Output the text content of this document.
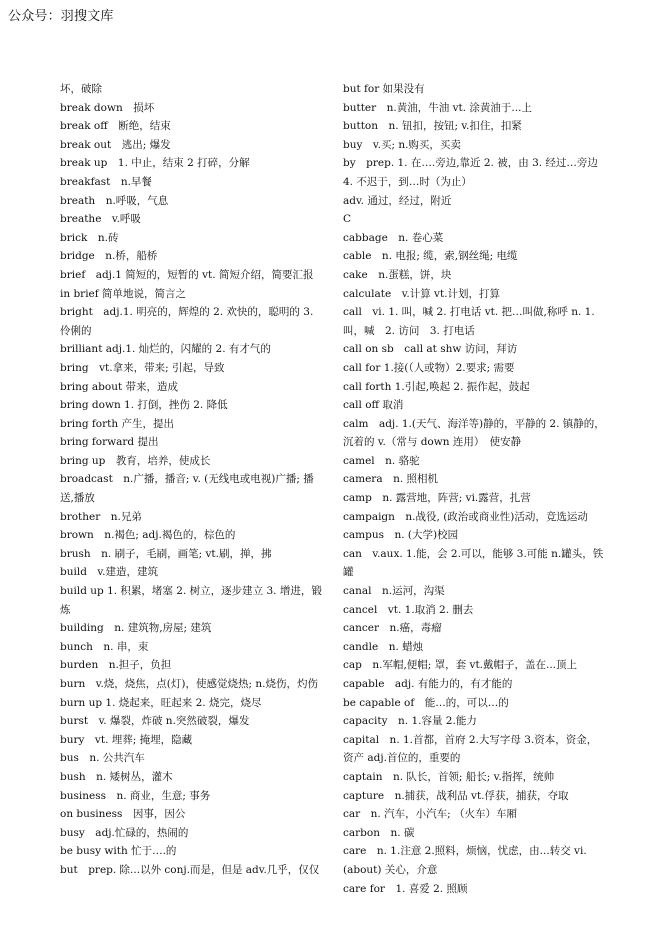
公众号：羽搜文库

坏，破除

break down　损坏

break off　断绝，结束

break out　逃出; 爆发

break up　1. 中止，结束 2 打碎，分解

breakfast　n.早餐

breath　n.呼吸，气息

breathe　v.呼吸

brick　n.砖

bridge　n.桥，船桥

brief　adj.1 简短的，短暂的 vt. 简短介绍，简要汇报

in brief 简单地说，简言之

bright　adj.1. 明亮的，辉煌的 2. 欢快的，聪明的 3. 伶俐的

brilliant adj.1. 灿烂的，闪耀的 2. 有才气的

bring　vt.拿来，带来; 引起，导致

bring about 带来，造成

bring down 1. 打倒，挫伤 2. 降低

bring forth 产生，提出

bring forward 提出

bring up　教育，培养，使成长

broadcast　n.广播，播音; v. (无线电或电视)广播; 播送,播放

brother　n.兄弟

brown　n.褐色; adj.褐色的，棕色的

brush　n. 刷子，毛刷，画笔; vt.刷，掸，拂

build　v.建造，建筑

build up 1. 积累，堵塞 2. 树立，逐步建立 3. 增进，锻炼

building　n. 建筑物,房屋; 建筑

bunch　n. 串，束

burden　n.担子，负担

burn　v.烧，烧焦，点(灯)，使感觉烧热; n.烧伤，灼伤

burn up 1. 烧起来，旺起来 2. 烧完，烧尽

burst　v. 爆裂，炸破 n.突然破裂，爆发

bury　vt. 埋葬; 掩埋，隐藏

bus　n. 公共汽车

bush　n. 矮树丛，灌木

business　n. 商业，生意; 事务

on business　因事，因公

busy　adj.忙碌的，热闹的

be busy with 忙于….的

but　prep. 除...以外 conj.而是，但是 adv.几乎，仅仅

but for 如果没有

butter　n.黄油，牛油 vt. 涂黄油于...上

button　n. 钮扣，按钮; v.扣住，扣紧

buy　v.买; n.购买，买卖

by　prep. 1. 在….旁边,靠近 2. 被，由 3. 经过…旁边 4. 不迟于，到…时（为止）

adv. 通过，经过，附近

C

cabbage　n. 卷心菜

cable　n. 电报; 缆，索,钢丝绳; 电缆

cake　n.蛋糕，饼，块

calculate　v.计算 vt.计划，打算

call　vi. 1. 叫，喊 2. 打电话 vt. 把…叫做,称呼 n. 1. 叫，喊　2. 访问　3. 打电话

call on sb　call at shw 访问，拜访

call for 1.接(（人或物）2.要求; 需要

call forth 1.引起,唤起 2. 振作起，鼓起

call off 取消

calm　adj. 1.(天气、海洋等)静的，平静的 2. 镇静的，沉着的 v.（常与 down 连用）　使安静

camel　n. 骆驼

camera　n. 照相机

camp　n. 露营地，阵营; vi.露营，扎营

campaign　n.战役, (政治或商业性)活动，竞选运动

campus　n. (大学)校园

can　v.aux. 1.能，会 2.可以，能够 3.可能 n.罐头，铁罐

canal　n.运河，沟渠

cancel　vt. 1.取消 2. 删去

cancer　n.癌，毒瘤

candle　n. 蜡烛

cap　n.军帽,便帽; 罩，套 vt.戴帽子，盖在...顶上

capable　adj. 有能力的，有才能的

be capable of　能…的，可以…的

capacity　n. 1.容量 2.能力

capital　n. 1.首都，首府 2.大写字母 3.资本，资金，资产 adj.首位的，重要的

captain　n. 队长，首领; 船长; v.指挥，统帅

capture　n.捕获，战利品 vt.俘获，捕获，夺取

car　n. 汽车，小汽车; （火车）车厢

carbon　n. 碳

care　n. 1.注意 2.照料，烦恼，忧虑，由...转交 vi.(about) 关心，介意

care for　1. 喜爱 2. 照顾
